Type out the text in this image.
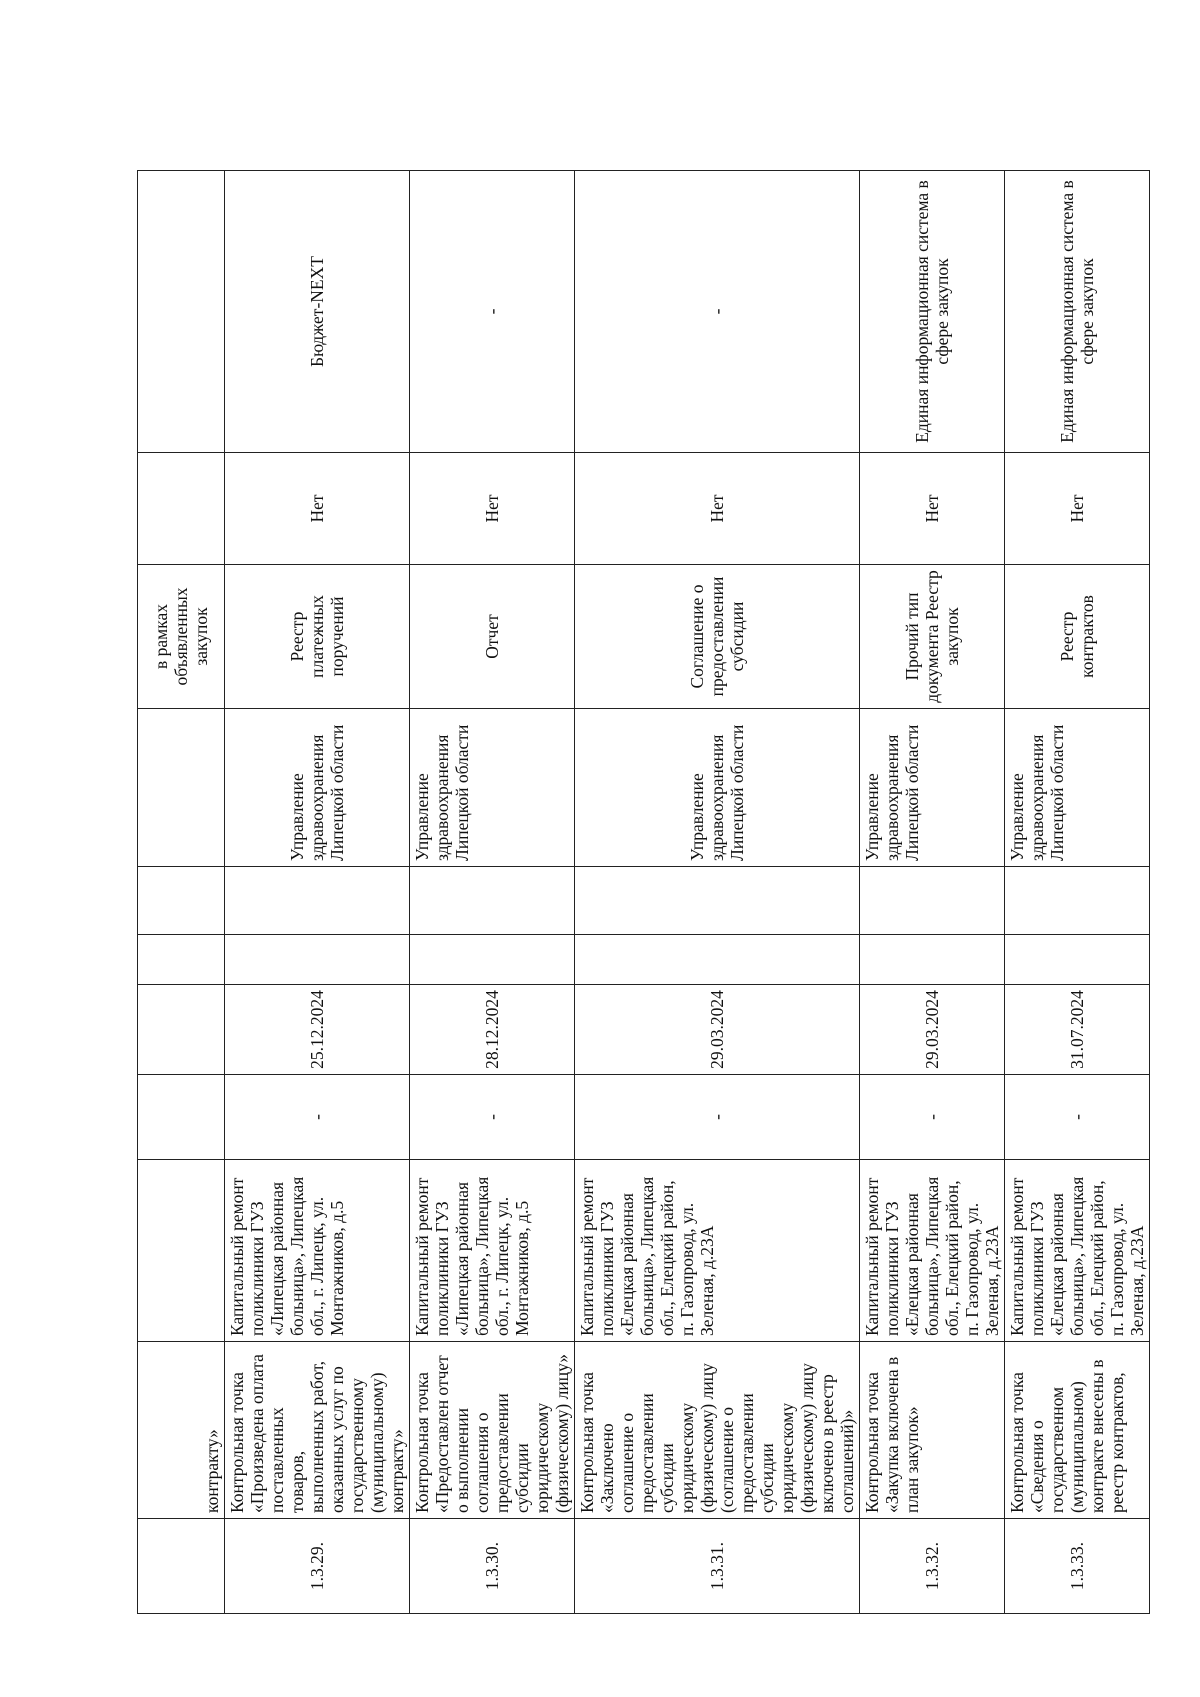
	контракту»							в рамках объявленных закупок		
1.3.29.	Контрольная точка «Произведена оплата поставленных товаров, выполненных работ, оказанных услуг по государственному (муниципальному) контракту»	Капитальный ремонт поликлиники ГУЗ «Липецкая районная больница», Липецкая обл., г. Липецк, ул. Монтажников, д.5	-	25.12.2024			Управление здравоохранения Липецкой области	Реестр платежных поручений	Нет	Бюджет-NEXT
1.3.30.	Контрольная точка «Предоставлен отчет о выполнении соглашения о предоставлении субсидии юридическому (физическому) лицу»	Капитальный ремонт поликлиники ГУЗ «Липецкая районная больница», Липецкая обл., г. Липецк, ул. Монтажников, д.5	-	28.12.2024			Управление здравоохранения Липецкой области	Отчет	Нет	-
1.3.31.	Контрольная точка «Заключено соглашение о предоставлении субсидии юридическому (физическому) лицу (соглашение о предоставлении субсидии юридическому (физическому) лицу включено в реестр соглашений)»	Капитальный ремонт поликлиники ГУЗ «Елецкая районная больница», Липецкая обл., Елецкий район, п. Газопровод, ул. Зеленая, д.23А	-	29.03.2024			Управление здравоохранения Липецкой области	Соглашение о предоставлении субсидии	Нет	-
1.3.32.	Контрольная точка «Закупка включена в план закупок»	Капитальный ремонт поликлиники ГУЗ «Елецкая районная больница», Липецкая обл., Елецкий район, п. Газопровод, ул. Зеленая, д.23А	-	29.03.2024			Управление здравоохранения Липецкой области	Прочий тип документа Реестр закупок	Нет	Единая информационная система в сфере закупок
1.3.33.	Контрольная точка «Сведения о государственном (муниципальном) контракте внесены в реестр контрактов,	Капитальный ремонт поликлиники ГУЗ «Елецкая районная больница», Липецкая обл., Елецкий район, п. Газопровод, ул. Зеленая, д.23А	-	31.07.2024			Управление здравоохранения Липецкой области	Реестр контрактов	Нет	Единая информационная система в сфере закупок
